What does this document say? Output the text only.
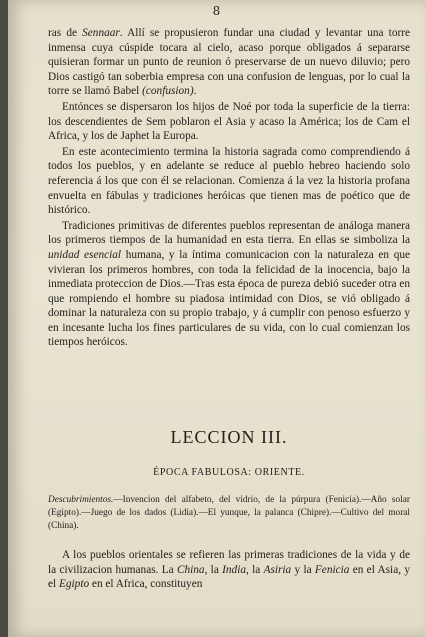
8

ras de Sennaar. Allí se propusieron fundar una ciudad y levantar una torre inmensa cuya cúspide tocara al cielo, acaso porque obligados á separarse quisieran formar un punto de reunion ó preservarse de un nuevo diluvio; pero Dios castigó tan soberbia empresa con una confusion de lenguas, por lo cual la torre se llamó Babel (confusion).

Entónces se dispersaron los hijos de Noé por toda la superficie de la tierra: los descendientes de Sem poblaron el Asia y acaso la América; los de Cam el Africa, y los de Japhet la Europa.

En este acontecimiento termina la historia sagrada como comprendiendo á todos los pueblos, y en adelante se reduce al pueblo hebreo haciendo solo referencia á los que con él se relacionan. Comienza á la vez la historia profana envuelta en fábulas y tradiciones heróicas que tienen mas de poético que de histórico.

Tradiciones primitivas de diferentes pueblos representan de análoga manera los primeros tiempos de la humanidad en esta tierra. En ellas se simboliza la unidad esencial humana, y la íntima comunicacion con la naturaleza en que vivieran los primeros hombres, con toda la felicidad de la inocencia, bajo la inmediata proteccion de Dios.—Tras esta época de pureza debió suceder otra en que rompiendo el hombre su piadosa intimidad con Dios, se vió obligado á dominar la naturaleza con su propio trabajo, y á cumplir con penoso esfuerzo y en incesante lucha los fines particulares de su vida, con lo cual comienzan los tiempos heróicos.

LECCION III.
ÉPOCA FABULOSA: ORIENTE.
Descubrimientos.—Invencion del alfabeto, del vidrio, de la púrpura (Fenicia).—Año solar (Egipto).—Juego de los dados (Lidia).—El yunque, la palanca (Chipre).—Cultivo del moral (China).
A los pueblos orientales se refieren las primeras tradiciones de la vida y de la civilizacion humanas. La China, la India, la Asiria y la Fenicia en el Asia, y el Egipto en el Africa, constituyen
